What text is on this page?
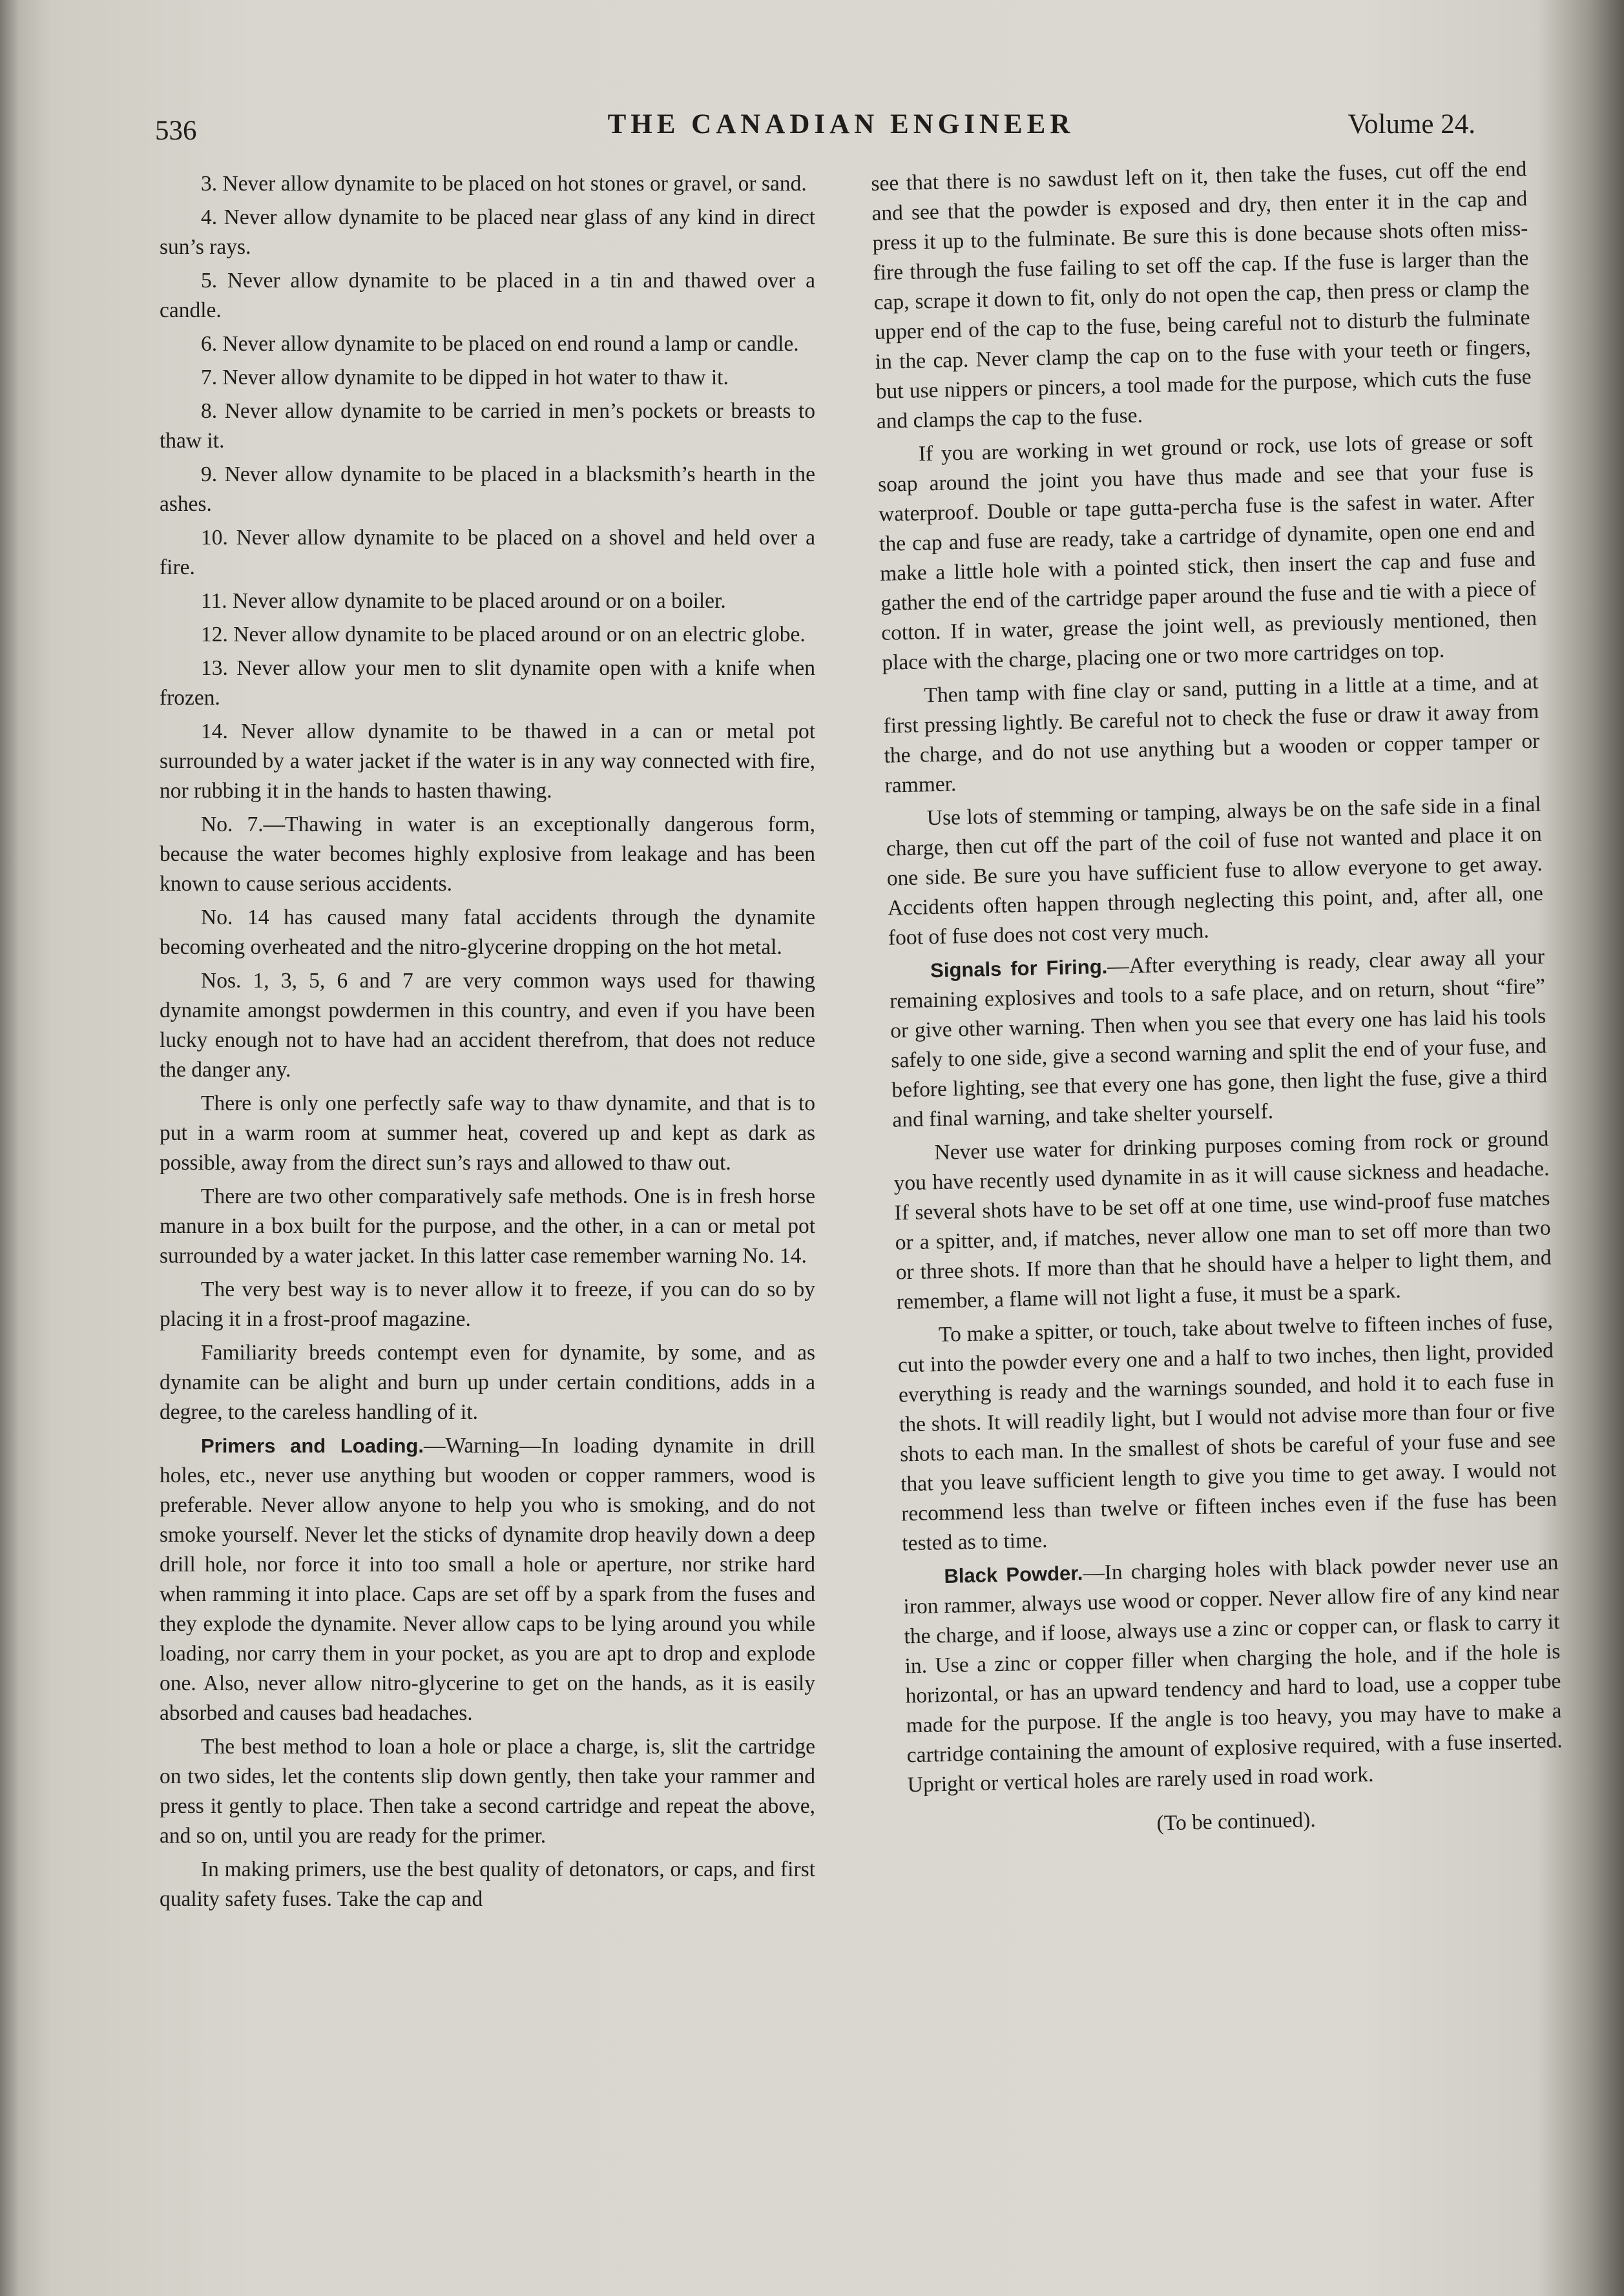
536	THE CANADIAN ENGINEER	Volume 24.

3. Never allow dynamite to be placed on hot stones or gravel, or sand.

4. Never allow dynamite to be placed near glass of any kind in direct sun’s rays.

5. Never allow dynamite to be placed in a tin and thawed over a candle.

6. Never allow dynamite to be placed on end round a lamp or candle.

7. Never allow dynamite to be dipped in hot water to thaw it.

8. Never allow dynamite to be carried in men’s pockets or breasts to thaw it.

9. Never allow dynamite to be placed in a blacksmith’s hearth in the ashes.

10. Never allow dynamite to be placed on a shovel and held over a fire.

11. Never allow dynamite to be placed around or on a boiler.

12. Never allow dynamite to be placed around or on an electric globe.

13. Never allow your men to slit dynamite open with a knife when frozen.

14. Never allow dynamite to be thawed in a can or metal pot surrounded by a water jacket if the water is in any way connected with fire, nor rubbing it in the hands to hasten thawing.

No. 7.—Thawing in water is an exceptionally dangerous form, because the water becomes highly explosive from leakage and has been known to cause serious accidents.

No. 14 has caused many fatal accidents through the dynamite becoming overheated and the nitro-glycerine dropping on the hot metal.

Nos. 1, 3, 5, 6 and 7 are very common ways used for thawing dynamite amongst powdermen in this country, and even if you have been lucky enough not to have had an accident therefrom, that does not reduce the danger any.

There is only one perfectly safe way to thaw dynamite, and that is to put in a warm room at summer heat, covered up and kept as dark as possible, away from the direct sun’s rays and allowed to thaw out.

There are two other comparatively safe methods. One is in fresh horse manure in a box built for the purpose, and the other, in a can or metal pot surrounded by a water jacket. In this latter case remember warning No. 14.

The very best way is to never allow it to freeze, if you can do so by placing it in a frost-proof magazine.

Familiarity breeds contempt even for dynamite, by some, and as dynamite can be alight and burn up under certain conditions, adds in a degree, to the careless handling of it.

Primers and Loading.—Warning—In loading dynamite in drill holes, etc., never use anything but wooden or copper rammers, wood is preferable. Never allow anyone to help you who is smoking, and do not smoke yourself. Never let the sticks of dynamite drop heavily down a deep drill hole, nor force it into too small a hole or aperture, nor strike hard when ramming it into place. Caps are set off by a spark from the fuses and they explode the dynamite. Never allow caps to be lying around you while loading, nor carry them in your pocket, as you are apt to drop and explode one. Also, never allow nitro-glycerine to get on the hands, as it is easily absorbed and causes bad headaches.

The best method to loan a hole or place a charge, is, slit the cartridge on two sides, let the contents slip down gently, then take your rammer and press it gently to place. Then take a second cartridge and repeat the above, and so on, until you are ready for the primer.

In making primers, use the best quality of detonators, or caps, and first quality safety fuses. Take the cap and

see that there is no sawdust left on it, then take the fuses, cut off the end and see that the powder is exposed and dry, then enter it in the cap and press it up to the fulminate. Be sure this is done because shots often miss-fire through the fuse failing to set off the cap. If the fuse is larger than the cap, scrape it down to fit, only do not open the cap, then press or clamp the upper end of the cap to the fuse, being careful not to disturb the fulminate in the cap. Never clamp the cap on to the fuse with your teeth or fingers, but use nippers or pincers, a tool made for the purpose, which cuts the fuse and clamps the cap to the fuse.

If you are working in wet ground or rock, use lots of grease or soft soap around the joint you have thus made and see that your fuse is waterproof. Double or tape gutta-percha fuse is the safest in water. After the cap and fuse are ready, take a cartridge of dynamite, open one end and make a little hole with a pointed stick, then insert the cap and fuse and gather the end of the cartridge paper around the fuse and tie with a piece of cotton. If in water, grease the joint well, as previously mentioned, then place with the charge, placing one or two more cartridges on top.

Then tamp with fine clay or sand, putting in a little at a time, and at first pressing lightly. Be careful not to check the fuse or draw it away from the charge, and do not use anything but a wooden or copper tamper or rammer.

Use lots of stemming or tamping, always be on the safe side in a final charge, then cut off the part of the coil of fuse not wanted and place it on one side. Be sure you have sufficient fuse to allow everyone to get away. Accidents often happen through neglecting this point, and, after all, one foot of fuse does not cost very much.

Signals for Firing.—After everything is ready, clear away all your remaining explosives and tools to a safe place, and on return, shout “fire” or give other warning. Then when you see that every one has laid his tools safely to one side, give a second warning and split the end of your fuse, and before lighting, see that every one has gone, then light the fuse, give a third and final warning, and take shelter yourself.

Never use water for drinking purposes coming from rock or ground you have recently used dynamite in as it will cause sickness and headache. If several shots have to be set off at one time, use wind-proof fuse matches or a spitter, and, if matches, never allow one man to set off more than two or three shots. If more than that he should have a helper to light them, and remember, a flame will not light a fuse, it must be a spark.

To make a spitter, or touch, take about twelve to fifteen inches of fuse, cut into the powder every one and a half to two inches, then light, provided everything is ready and the warnings sounded, and hold it to each fuse in the shots. It will readily light, but I would not advise more than four or five shots to each man. In the smallest of shots be careful of your fuse and see that you leave sufficient length to give you time to get away. I would not recommend less than twelve or fifteen inches even if the fuse has been tested as to time.

Black Powder.—In charging holes with black powder never use an iron rammer, always use wood or copper. Never allow fire of any kind near the charge, and if loose, always use a zinc or copper can, or flask to carry it in. Use a zinc or copper filler when charging the hole, and if the hole is horizontal, or has an upward tendency and hard to load, use a copper tube made for the purpose. If the angle is too heavy, you may have to make a cartridge containing the amount of explosive required, with a fuse inserted. Upright or vertical holes are rarely used in road work.

(To be continued).
